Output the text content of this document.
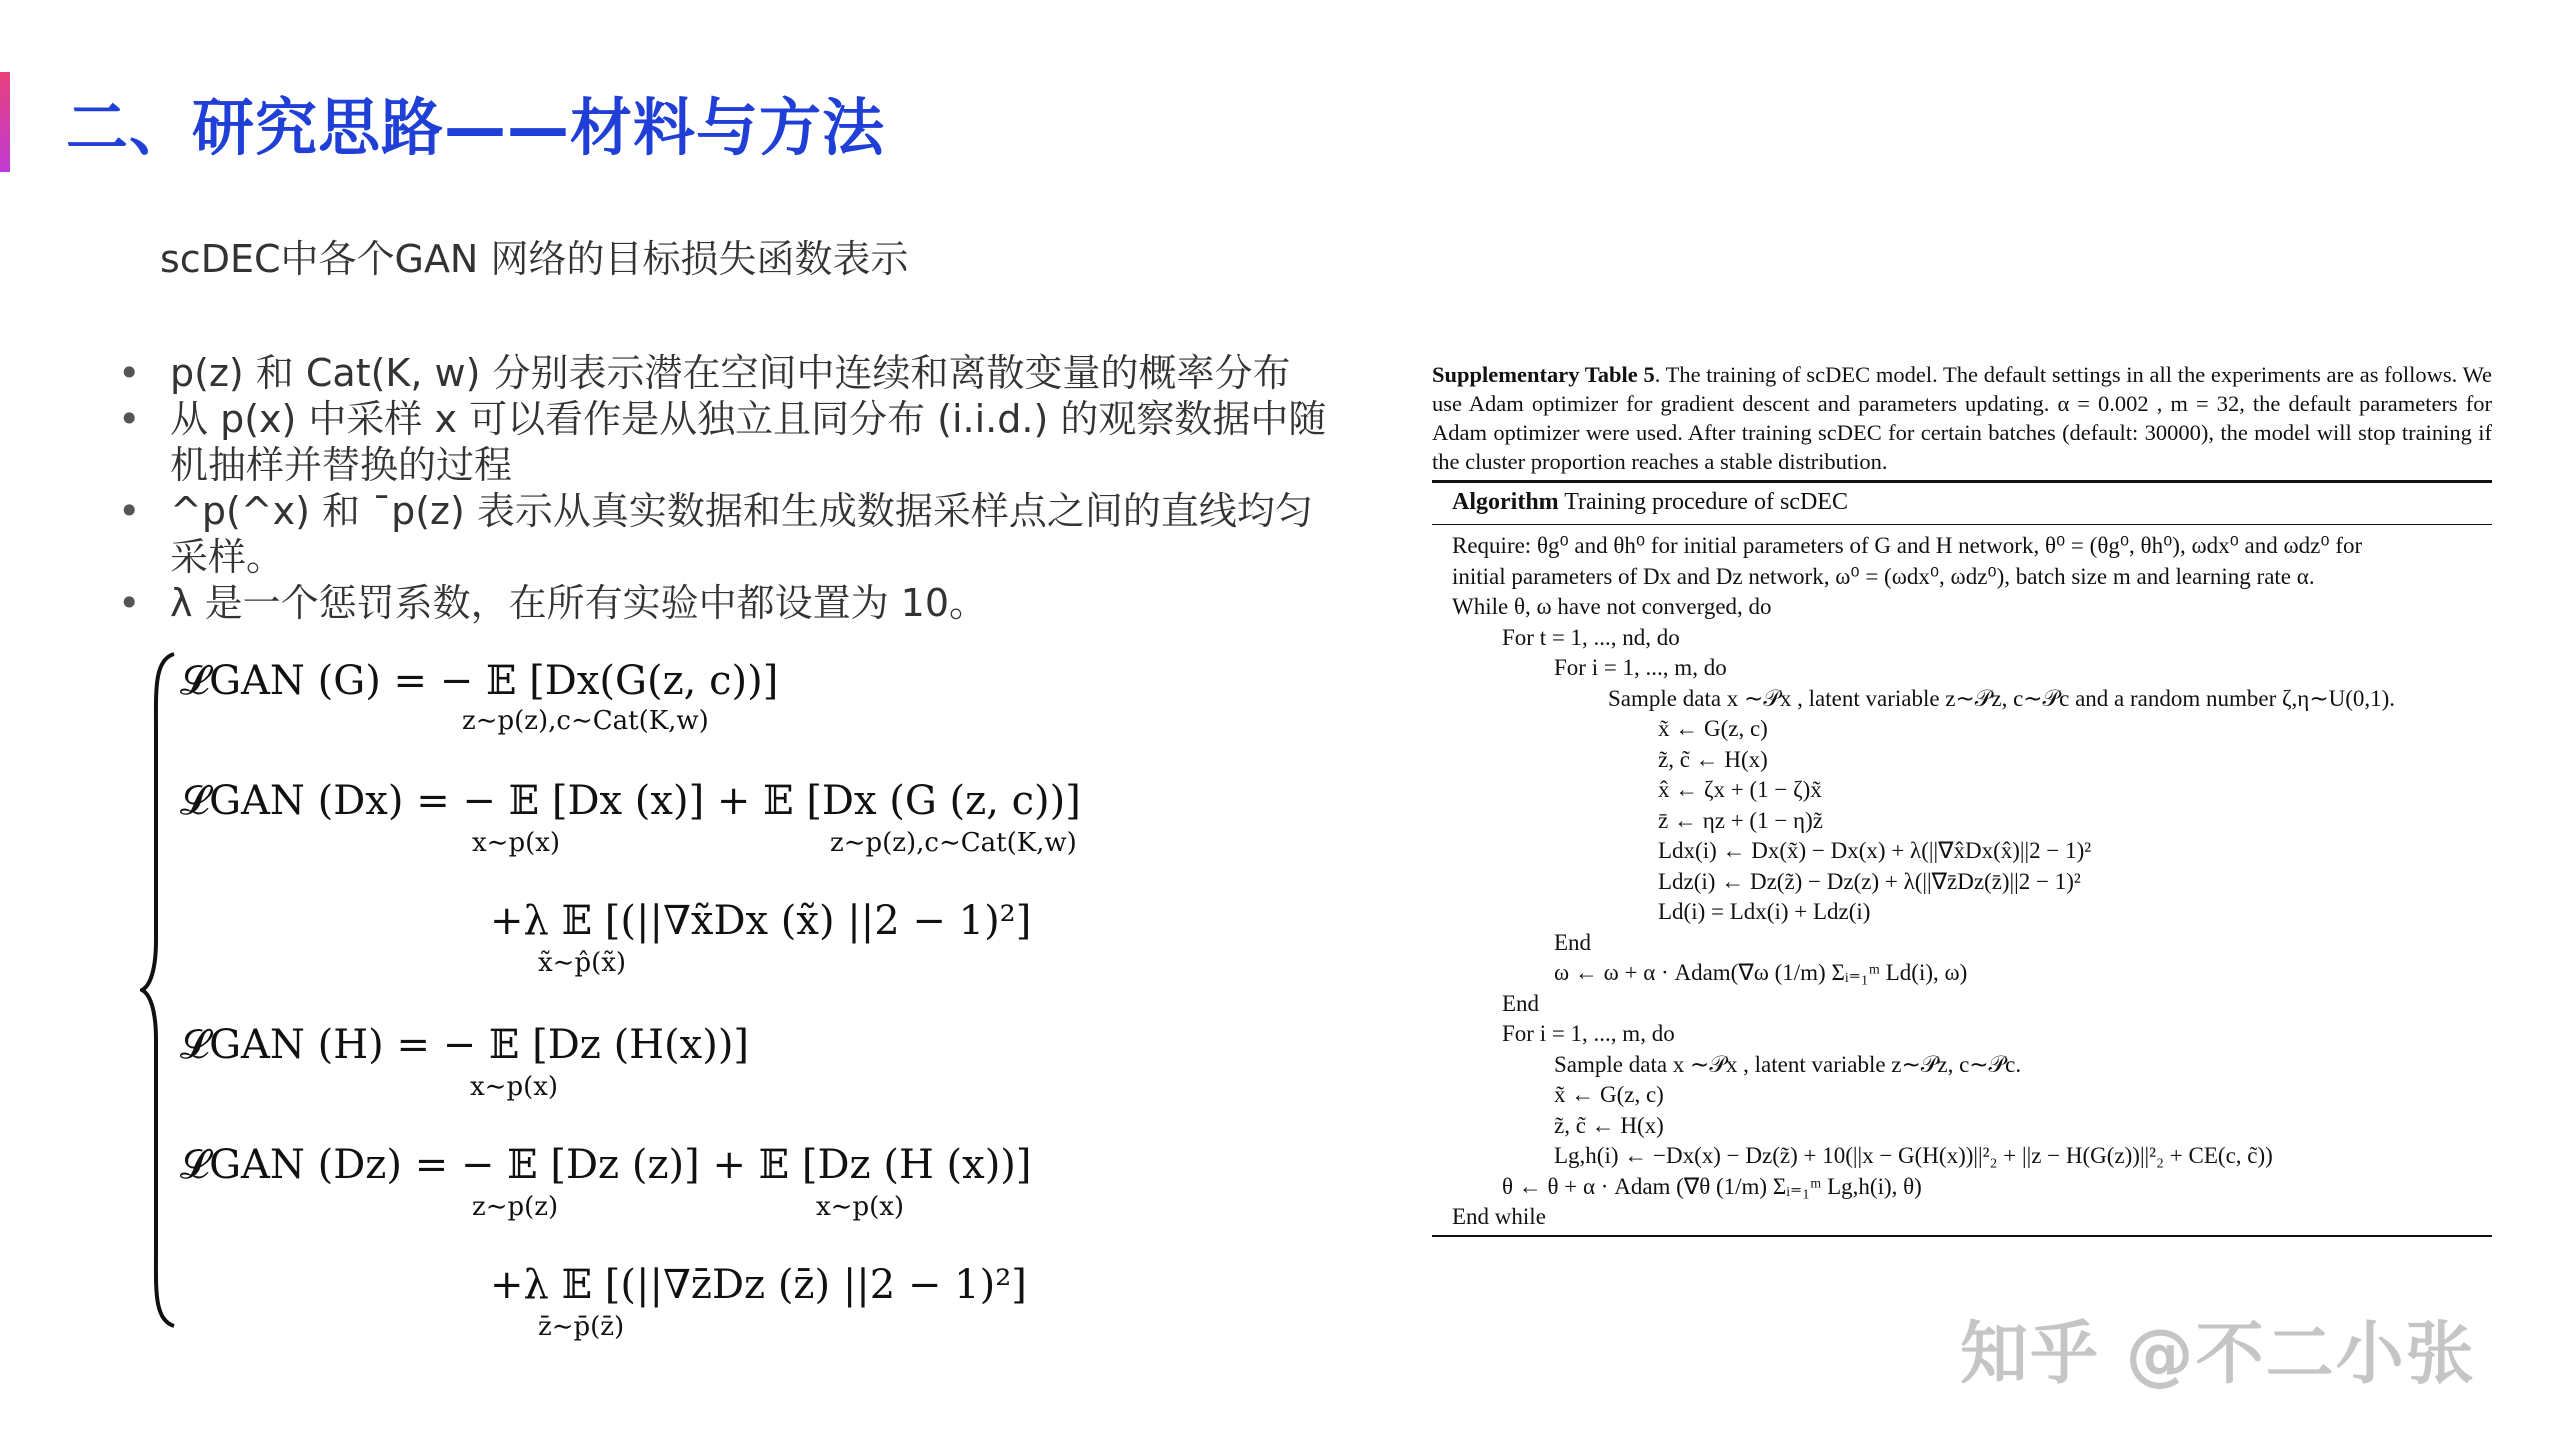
二、研究思路——材料与方法
scDEC中各个GAN 网络的目标损失函数表示
• p(z) 和 Cat(K, w) 分别表示潜在空间中连续和离散变量的概率分布
• 从 p(x) 中采样 x 可以看作是从独立且同分布 (i.i.d.) 的观察数据中随机抽样并替换的过程
• ^p(^x) 和 ¯p(z) 表示从真实数据和生成数据采样点之间的直线均匀采样。
• λ 是一个惩罚系数，在所有实验中都设置为 10。
𝓛GAN (G) = − 𝔼 [Dx(G(z, c))]
z∼p(z),c∼Cat(K,w)
𝓛GAN (Dx) = − 𝔼 [Dx (x)] + 𝔼 [Dx (G (z, c))]
x∼p(x)	z∼p(z),c∼Cat(K,w)
+λ 𝔼 [(||∇x̃Dx (x̃) ||2 − 1)²]
x̃∼p̂(x̃)
𝓛GAN (H) = − 𝔼 [Dz (H(x))]
x∼p(x)
𝓛GAN (Dz) = − 𝔼 [Dz (z)] + 𝔼 [Dz (H (x))]
z∼p(z)	x∼p(x)
+λ 𝔼 [(||∇z̄Dz (z̄) ||2 − 1)²]
z̄∼p̄(z̄)
Supplementary Table 5. The training of scDEC model. The default settings in all the experiments are as follows. We use Adam optimizer for gradient descent and parameters updating. α = 0.002 , m = 32, the default parameters for Adam optimizer were used. After training scDEC for certain batches (default: 30000), the model will stop training if the cluster proportion reaches a stable distribution.
Algorithm Training procedure of scDEC
Require: θg⁰ and θh⁰ for initial parameters of G and H network, θ⁰ = (θg⁰, θh⁰), ωdx⁰ and ωdz⁰ for
initial parameters of Dx and Dz network, ω⁰ = (ωdx⁰, ωdz⁰), batch size m and learning rate α.
While θ, ω have not converged, do
For t = 1, ..., nd, do
For i = 1, ..., m, do
Sample data x ∼𝒫x , latent variable z∼𝒫z, c∼𝒫c and a random number ζ,η∼U(0,1).
x̃ ← G(z, c)
z̃, c̃ ← H(x)
x̂ ← ζx + (1 − ζ)x̃
z̄ ← ηz + (1 − η)z̃
Ldx(i) ← Dx(x̃) − Dx(x) + λ(||∇x̂Dx(x̂)||2 − 1)²
Ldz(i) ← Dz(z̃) − Dz(z) + λ(||∇z̄Dz(z̄)||2 − 1)²
Ld(i) = Ldx(i) + Ldz(i)
End
ω ← ω + α · Adam(∇ω (1/m) Σᵢ₌₁ᵐ Ld(i), ω)
End
For i = 1, ..., m, do
Sample data x ∼𝒫x , latent variable z∼𝒫z, c∼𝒫c.
x̃ ← G(z, c)
z̃, c̃ ← H(x)
Lg,h(i) ← −Dx(x) − Dz(z̃) + 10(||x − G(H(x))||²₂ + ||z − H(G(z))||²₂ + CE(c, c̃))
θ ← θ + α · Adam (∇θ (1/m) Σᵢ₌₁ᵐ Lg,h(i), θ)
End while
知乎 @不二小张
